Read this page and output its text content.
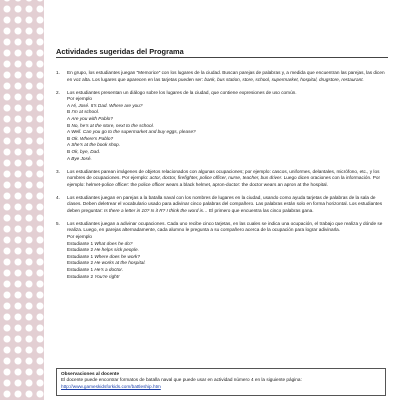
Actividades sugeridas del Programa
1. En grupo, los estudiantes juegan “Memorice” con los lugares de la ciudad. Buscan parejas de palabras y, a medida que encuentran las parejas, las dicen en voz alta. Los lugares que aparecen en las tarjetas pueden ser: bank, bus station, store, school, supermarket, hospital, drugstore, restaurant.
2. Los estudiantes presentan un diálogo sobre los lugares de la ciudad, que contiene expresiones de uso común.
Por ejemplo
A Hi, José. It’s Dad. Where are you?
B I’m at school.
A Are you with Pablo?
B No, he’s at the store, next to the school.
A Well. Can you go to the supermarket and buy eggs, please?
B Ok. Where’s Pablo?
A She’s at the book shop.
B Ok, bye, Dad.
A Bye José.
3. Los estudiantes parean imágenes de objetos relacionados con algunas ocupaciones; por ejemplo: cascos, uniformes, delantales, micrófono, etc., y los nombres de ocupaciones. Por ejemplo: actor, doctor, firefighter, police officer, nurse, teacher, bus driver. Luego dicen oraciones con la información. Por ejemplo: helmet-police officer: the police officer wears a black helmet, apron-doctor: the doctor wears an apron at the hospital.
4. Los estudiantes juegan en parejas a la batalla naval con los nombres de lugares en la ciudad, usando como ayuda tarjetas de palabras de la sala de clases. Deben deletrear el vocabulario usado para adivinar cinco palabras del compañero. Las palabras están solo en forma horizontal. Los estudiantes deben preguntar: Is there a letter in 10? Is it R? I think the word is… El primero que encuentra las cinco palabras gana.
5. Los estudiantes juegan a adivinar ocupaciones. Cada uno recibe cinco tarjetas, en las cuales se indica una ocupación, el trabajo que realiza y dónde se realiza. Luego, en parejas alternadamente, cada alumno le pregunta a su compañero acerca de la ocupación para lograr adivinarla.
Por ejemplo
Estudiante 1 What does he do?
Estudiante 2 He helps sick people.
Estudiante 1 Where does he work?
Estudiante 2 He works at the hospital.
Estudiante 1 He’s a doctor.
Estudiante 2 You’re right!
Observaciones al docente
El docente puede encontrar formatos de batalla naval que puede usar en actividad número 4 en la siguiente página: http://www.gameskidsforkids.com/battleship.htm
